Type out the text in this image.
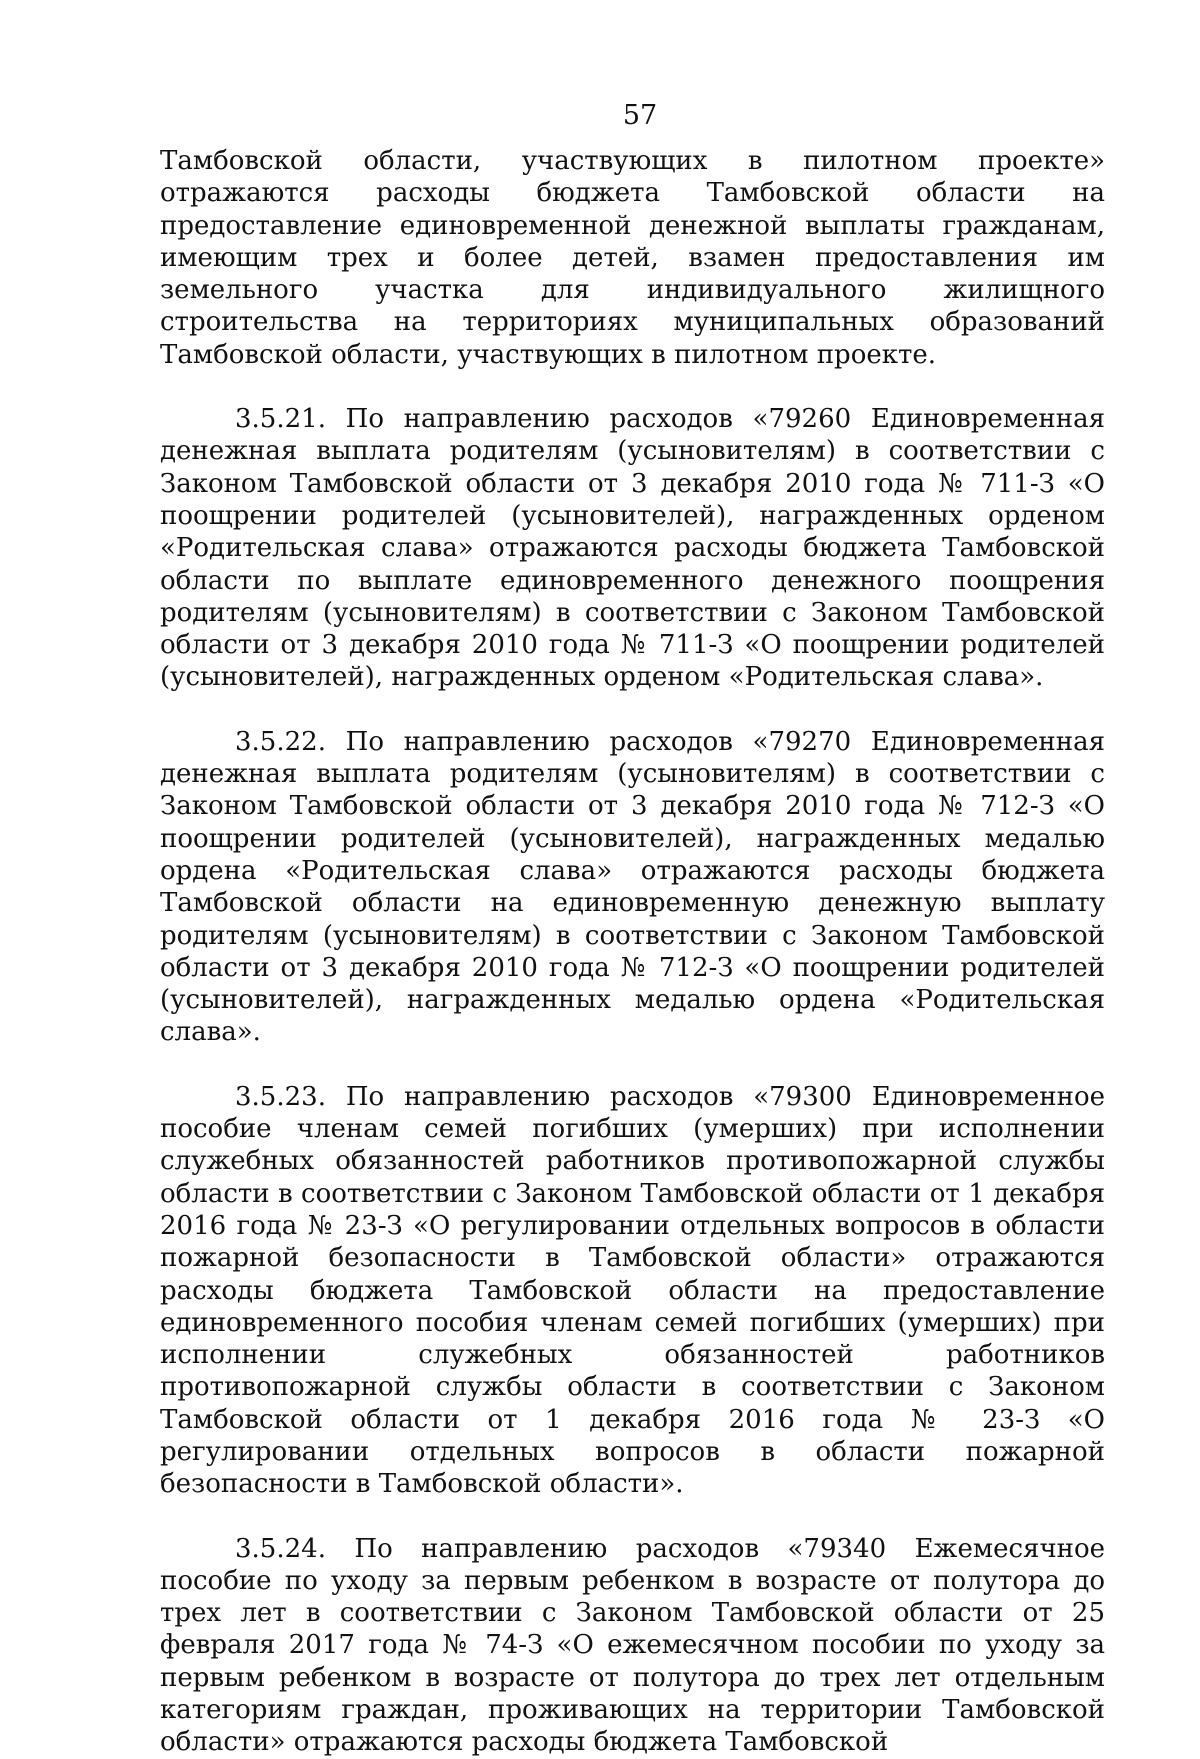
57

Тамбовской области, участвующих в пилотном проекте» отражаются расходы бюджета Тамбовской области на предоставление единовременной денежной выплаты гражданам, имеющим трех и более детей, взамен предоставления им земельного участка для индивидуального жилищного строительства на территориях муниципальных образований Тамбовской области, участвующих в пилотном проекте.

3.5.21. По направлению расходов «79260 Единовременная денежная выплата родителям (усыновителям) в соответствии с Законом Тамбовской области от 3 декабря 2010 года № 711-З «О поощрении родителей (усыновителей), награжденных орденом «Родительская слава» отражаются расходы бюджета Тамбовской области по выплате единовременного денежного поощрения родителям (усыновителям) в соответствии с Законом Тамбовской области от 3 декабря 2010 года № 711-З «О поощрении родителей (усыновителей), награжденных орденом «Родительская слава».

3.5.22. По направлению расходов «79270 Единовременная денежная выплата родителям (усыновителям) в соответствии с Законом Тамбовской области от 3 декабря 2010 года № 712-З «О поощрении родителей (усыновителей), награжденных медалью ордена «Родительская слава» отражаются расходы бюджета Тамбовской области на единовременную денежную выплату родителям (усыновителям) в соответствии с Законом Тамбовской области от 3 декабря 2010 года № 712-З «О поощрении родителей (усыновителей), награжденных медалью ордена «Родительская слава».

3.5.23. По направлению расходов «79300 Единовременное пособие членам семей погибших (умерших) при исполнении служебных обязанностей работников противопожарной службы области в соответствии с Законом Тамбовской области от 1 декабря 2016 года № 23-З «О регулировании отдельных вопросов в области пожарной безопасности в Тамбовской области» отражаются расходы бюджета Тамбовской области на предоставление единовременного пособия членам семей погибших (умерших) при исполнении служебных обязанностей работников противопожарной службы области в соответствии с Законом Тамбовской области от 1 декабря 2016 года № 23-З «О регулировании отдельных вопросов в области пожарной безопасности в Тамбовской области».

3.5.24. По направлению расходов «79340 Ежемесячное пособие по уходу за первым ребенком в возрасте от полутора до трех лет в соответствии с Законом Тамбовской области от 25 февраля 2017 года № 74-З «О ежемесячном пособии по уходу за первым ребенком в возрасте от полутора до трех лет отдельным категориям граждан, проживающих на территории Тамбовской области» отражаются расходы бюджета Тамбовской
